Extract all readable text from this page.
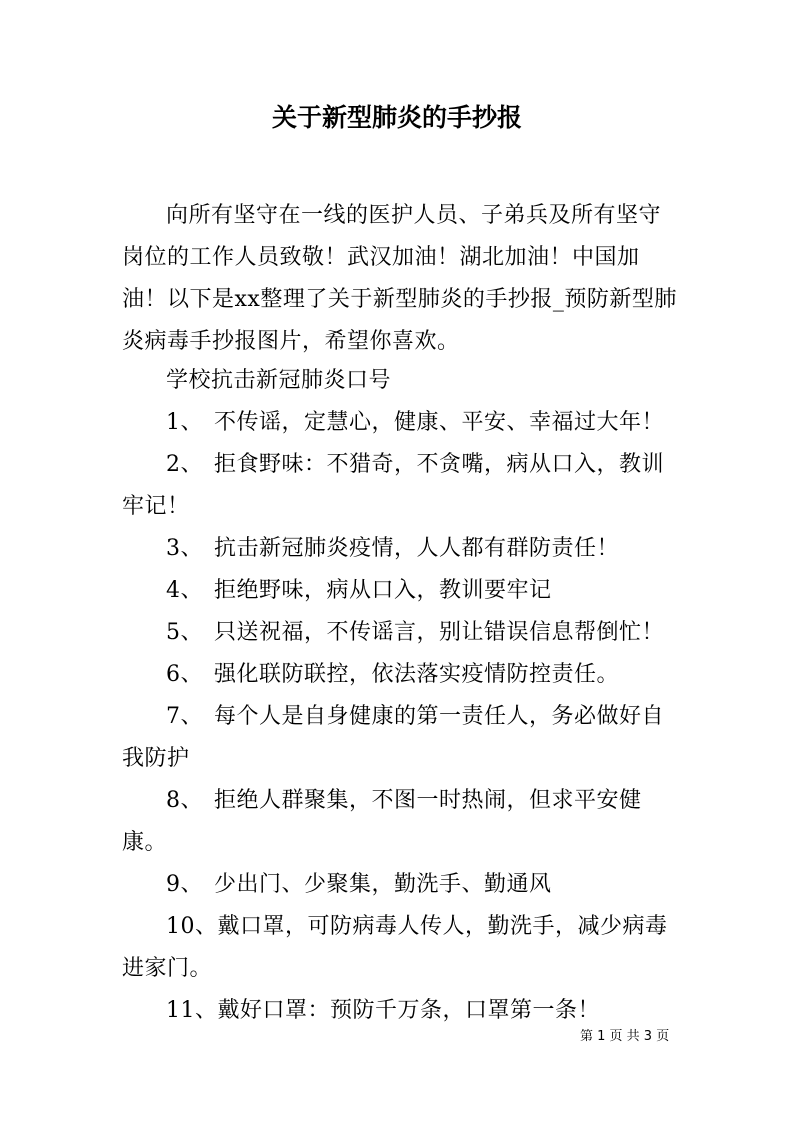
关于新型肺炎的手抄报

向所有坚守在一线的医护人员、子弟兵及所有坚守岗位的工作人员致敬！武汉加油！湖北加油！中国加油！以下是xx整理了关于新型肺炎的手抄报_预防新型肺炎病毒手抄报图片，希望你喜欢。

学校抗击新冠肺炎口号

1、 不传谣，定慧心，健康、平安、幸福过大年！

2、 拒食野味：不猎奇，不贪嘴，病从口入，教训牢记！

3、 抗击新冠肺炎疫情，人人都有群防责任！

4、 拒绝野味，病从口入，教训要牢记

5、 只送祝福，不传谣言，别让错误信息帮倒忙！

6、 强化联防联控，依法落实疫情防控责任。

7、 每个人是自身健康的第一责任人，务必做好自我防护

8、 拒绝人群聚集，不图一时热闹，但求平安健康。

9、 少出门、少聚集，勤洗手、勤通风

10、戴口罩，可防病毒人传人，勤洗手，减少病毒进家门。

11、戴好口罩：预防千万条，口罩第一条！

第 1 页 共 3 页
